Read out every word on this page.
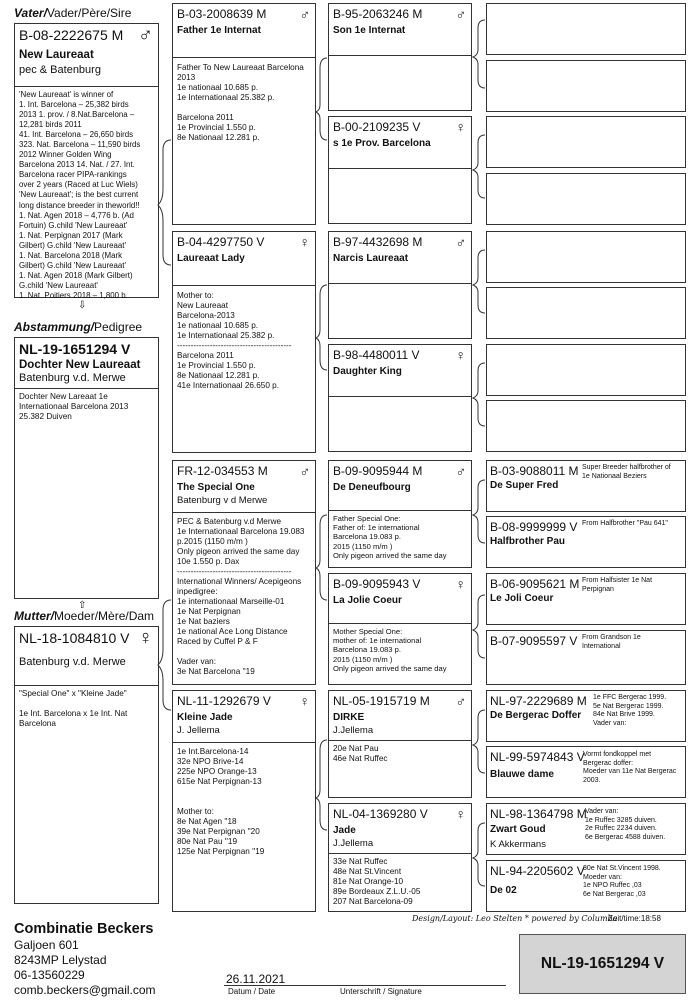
Vater/Vader/Père/Sire
B-08-2222675 M ♂
New Laureaat
pec & Batenburg
'New Laureaat' is winner of
1. Int. Barcelona – 25,382 birds
2013 1. prov. / 8.Nat.Barcelona –
12,281 birds 2011
41. Int. Barcelona – 26,650 birds
323. Nat. Barcelona – 11,590 birds
2012 Winner Golden Wing
Barcelona 2013 14. Nat. / 27. Int.
Barcelona racer PIPA-rankings
over 2 years (Raced at Luc Wiels)
'New Laureaat'; is the best current
long distance breeder in theworld!!
1. Nat. Agen 2018 – 4,776 b. (Ad
Fortuin) G.child 'New Laureaat'
1. Nat. Perpignan 2017 (Mark
Gilbert) G.child 'New Laureaat'
1. Nat. Barcelona 2018 (Mark
Gilbert) G.child 'New Laureaat'
1. Nat. Agen 2018 (Mark Gilbert)
G.child 'New Laureaat'
1. Nat. Poitiers 2018 – 1,800 b.
⇩
Abstammung/Pedigree
NL-19-1651294 V
Dochter New Laureaat
Batenburg v.d. Merwe
Dochter New Lareaat 1e
Internationaal Barcelona 2013
25.382 Duiven
⇧
Mutter/Moeder/Mère/Dam
NL-18-1084810 V ♀
Batenburg v.d. Merwe
"Special One" x "Kleine Jade"

1e Int. Barcelona x 1e Int. Nat
Barcelona
B-03-2008639 M	♂
Father 1e Internat
Father To New Laureaat Barcelona
2013
1e nationaal 10.685 p.
1e Internationaal 25.382 p.

Barcelona 2011
1e Provincial 1.550 p.
8e Nationaal 12.281 p.
B-04-4297750 V	♀
Laureaat Lady
Mother to:
New Laureaat
Barcelona-2013
1e nationaal 10.685 p.
1e Internationaal 25.382 p.
------------------------------------------
Barcelona 2011
1e Provincial 1.550 p.
8e Nationaal 12.281 p.
41e Internationaal 26.650 p.
FR-12-034553 M	♂
The Special One
Batenburg v d Merwe
PEC & Batenburg v.d Merwe
1e Internationaal Barcelona 19.083
p.2015 (1150 m/m )
Only pigeon arrived the same day
10e 1.550 p. Dax
------------------------------------------
International Winners/ Acepigeons
inpedigree:
1e internationaal Marseille-01
1e Nat Perpignan
1e Nat baziers
1e national Ace Long Distance
Raced by Cuffel P & F

Vader van:
3e Nat Barcelona ''19
NL-11-1292679 V	♀
Kleine Jade
J. Jellema
1e Int.Barcelona-14
32e NPO Brive-14
225e NPO Orange-13
615e Nat Perpignan-13

Mother to:
8e Nat Agen ''18
39e Nat Perpignan ''20
80e Nat Pau ''19
125e Nat Perpignan ''19
B-95-2063246 M	♂
Son 1e Internat
B-00-2109235 V	♀
s 1e Prov. Barcelona
B-97-4432698 M	♂
Narcis Laureaat
B-98-4480011 V	♀
Daughter King
B-09-9095944 M	♂
De Deneufbourg
Father Special One:
Father of: 1e international
Barcelona 19.083 p.
2015 (1150 m/m )
Only pigeon arrived the same day
B-09-9095943 V	♀
La Jolie Coeur
Mother Special One:
mother of: 1e international
Barcelona 19.083 p.
2015 (1150 m/m )
Only pigeon arrived the same day
NL-05-1915719 M	♂
DIRKE
J.Jellema
20e Nat Pau
46e Nat Ruffec
NL-04-1369280 V	♀
Jade
J.Jellema
33e Nat Ruffec
48e Nat St.Vincent
81e Nat Orange-10
89e Bordeaux Z.L.U.-05
207 Nat Barcelona-09
B-03-9088011 M
De Super Fred
Super Breeder halfbrother of
1e Nationaal Beziers
B-08-9999999 V
Halfbrother Pau
From Halfbrother "Pau 641"
B-06-9095621 M
Le Joli Coeur
From Halfsister 1e Nat
Perpignan
B-07-9095597 V From Grandson 1e
International
NL-97-2229689 M
De Bergerac Doffer
1e FFC Bergerac 1999.
5e Nat Bergerac 1999.
84e Nat Brive 1999.
Vader van:
NL-99-5974843 V
Blauwe dame
Vormt fondkoppel met
Bergerac doffer:
Moeder van 11e Nat Bergerac
2003.
NL-98-1364798 M
Zwart Goud
K Akkermans
Vader van:
1e Ruffec 3285 duiven.
2e Ruffec 2234 duiven.
6e Bergerac 4588 duiven.
NL-94-2205602 V
De 02
30e Nat St.Vincent 1998.
Moeder van:
1e NPO Ruffec ,03
6e Nat Bergerac ,03
Design/Layout: Leo Stelten * powered by Columba
Zeit/time:18:58
Combinatie Beckers
Galjoen 601
8243MP Lelystad
06-13560229
comb.beckers@gmail.com
26.11.2021
Datum / Date	Unterschrift / Signature
NL-19-1651294 V
